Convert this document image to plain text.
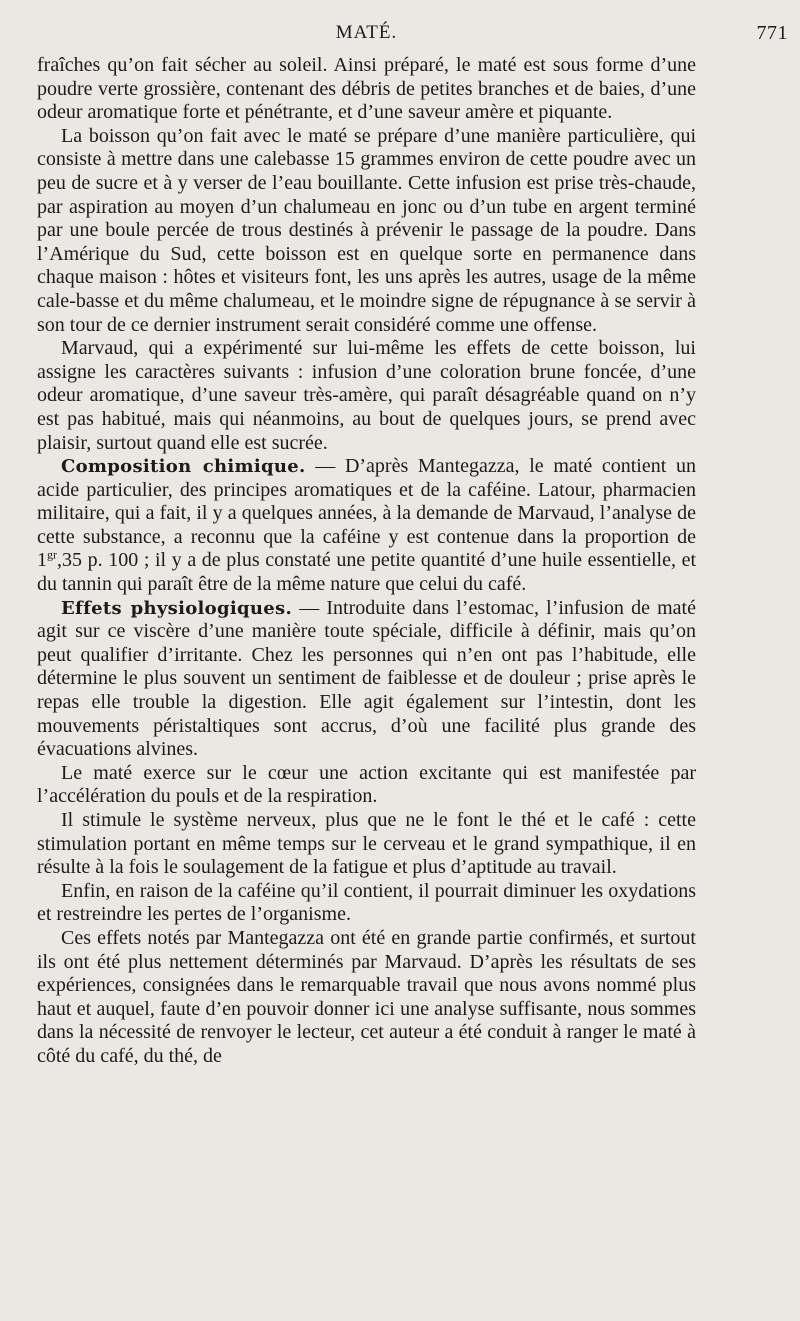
MATÉ.	771

fraîches qu’on fait sécher au soleil. Ainsi préparé, le maté est sous forme d’une poudre verte grossière, contenant des débris de petites branches et de baies, d’une odeur aromatique forte et pénétrante, et d’une saveur amère et piquante.

La boisson qu’on fait avec le maté se prépare d’une manière particulière, qui consiste à mettre dans une calebasse 15 grammes environ de cette poudre avec un peu de sucre et à y verser de l’eau bouillante. Cette infusion est prise très-chaude, par aspiration au moyen d’un chalumeau en jonc ou d’un tube en argent terminé par une boule percée de trous destinés à prévenir le passage de la poudre. Dans l’Amérique du Sud, cette boisson est en quelque sorte en permanence dans chaque maison : hôtes et visiteurs font, les uns après les autres, usage de la même cale-basse et du même chalumeau, et le moindre signe de répugnance à se servir à son tour de ce dernier instrument serait considéré comme une offense.

Marvaud, qui a expérimenté sur lui-même les effets de cette boisson, lui assigne les caractères suivants : infusion d’une coloration brune foncée, d’une odeur aromatique, d’une saveur très-amère, qui paraît désagréable quand on n’y est pas habitué, mais qui néanmoins, au bout de quelques jours, se prend avec plaisir, surtout quand elle est sucrée.

Composition chimique. — D’après Mantegazza, le maté contient un acide particulier, des principes aromatiques et de la caféine. Latour, pharmacien militaire, qui a fait, il y a quelques années, à la demande de Marvaud, l’analyse de cette substance, a reconnu que la caféine y est contenue dans la proportion de $1^{gr},35$ p. 100 ; il y a de plus constaté une petite quantité d’une huile essentielle, et du tannin qui paraît être de la même nature que celui du café.

Effets physiologiques. — Introduite dans l’estomac, l’infusion de maté agit sur ce viscère d’une manière toute spéciale, difficile à définir, mais qu’on peut qualifier d’irritante. Chez les personnes qui n’en ont pas l’habitude, elle détermine le plus souvent un sentiment de faiblesse et de douleur ; prise après le repas elle trouble la digestion. Elle agit également sur l’intestin, dont les mouvements péristaltiques sont accrus, d’où une facilité plus grande des évacuations alvines.

Le maté exerce sur le cœur une action excitante qui est manifestée par l’accélération du pouls et de la respiration.

Il stimule le système nerveux, plus que ne le font le thé et le café : cette stimulation portant en même temps sur le cerveau et le grand sympathique, il en résulte à la fois le soulagement de la fatigue et plus d’aptitude au travail.

Enfin, en raison de la caféine qu’il contient, il pourrait diminuer les oxydations et restreindre les pertes de l’organisme.

Ces effets notés par Mantegazza ont été en grande partie confirmés, et surtout ils ont été plus nettement déterminés par Marvaud. D’après les résultats de ses expériences, consignées dans le remarquable travail que nous avons nommé plus haut et auquel, faute d’en pouvoir donner ici une analyse suffisante, nous sommes dans la nécessité de renvoyer le lecteur, cet auteur a été conduit à ranger le maté à côté du café, du thé, de
